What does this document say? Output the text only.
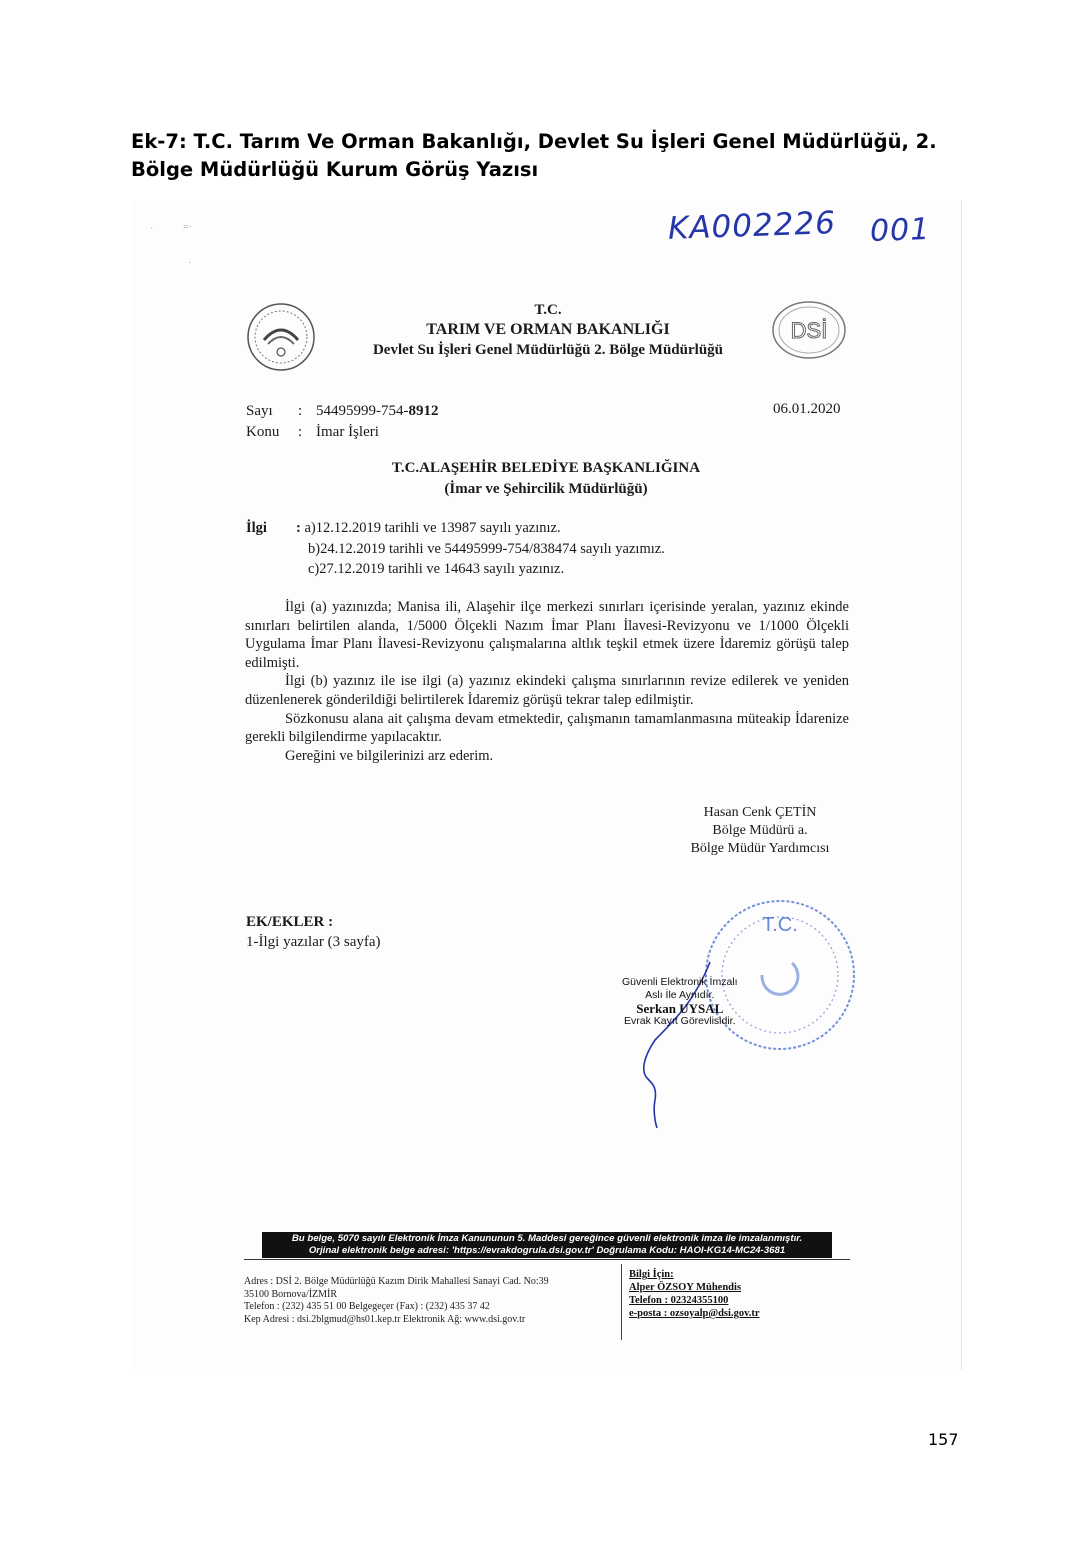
Ek-7: T.C. Tarım Ve Orman Bakanlığı, Devlet Su İşleri Genel Müdürlüğü, 2.
Bölge Müdürlüğü Kurum Görüş Yazısı
·	=·
·
KA002226 001
T.C.
TARIM VE ORMAN BAKANLIĞI
Devlet Su İşleri Genel Müdürlüğü 2. Bölge Müdürlüğü
DSİ
Sayı : 54495999-754-8912
Konu : İmar İşleri
06.01.2020
T.C.ALAŞEHİR BELEDİYE BAŞKANLIĞINA
(İmar ve Şehircilik Müdürlüğü)
İlgi : a)12.12.2019 tarihli ve 13987 sayılı yazınız.
b)24.12.2019 tarihli ve 54495999-754/838474 sayılı yazımız.
c)27.12.2019 tarihli ve 14643 sayılı yazınız.

İlgi (a) yazınızda; Manisa ili, Alaşehir ilçe merkezi sınırları içerisinde yeralan, yazınız ekinde sınırları belirtilen alanda, 1/5000 Ölçekli Nazım İmar Planı İlavesi-Revizyonu ve 1/1000 Ölçekli Uygulama İmar Planı İlavesi-Revizyonu çalışmalarına altlık teşkil etmek üzere İdaremiz görüşü talep edilmişti.

İlgi (b) yazınız ile ise ilgi (a) yazınız ekindeki çalışma sınırlarının revize edilerek ve yeniden düzenlenerek gönderildiği belirtilerek İdaremiz görüşü tekrar talep edilmiştir.

Sözkonusu alana ait çalışma devam etmektedir, çalışmanın tamamlanmasına müteakip İdarenize gerekli bilgilendirme yapılacaktır.

Gereğini ve bilgilerinizi arz ederim.

Hasan Cenk ÇETİN
Bölge Müdürü a.
Bölge Müdür Yardımcısı
EK/EKLER :
1-İlgi yazılar (3 sayfa)
T.C.
Güvenli Elektronik İmzalı
Aslı İle Aynıdır.
Serkan UYSAL
Evrak Kayıt Görevlisidir.
Bu belge, 5070 sayılı Elektronik İmza Kanununun 5. Maddesi gereğince güvenli elektronik imza ile imzalanmıştır.
Orjinal elektronik belge adresi: 'https://evrakdogrula.dsi.gov.tr' Doğrulama Kodu: HAOI-KG14-MC24-3681
Adres : DSİ 2. Bölge Müdürlüğü Kazım Dirik Mahallesi Sanayi Cad. No:39
35100 Bornova/İZMİR
Telefon : (232) 435 51 00 Belgegeçer (Fax) : (232) 435 37 42
Kep Adresi : dsi.2blgmud@hs01.kep.tr Elektronik Ağ: www.dsi.gov.tr
Bilgi İçin:
Alper ÖZSOY Mühendis
Telefon : 02324355100
e-posta : ozsoyalp@dsi.gov.tr
157
